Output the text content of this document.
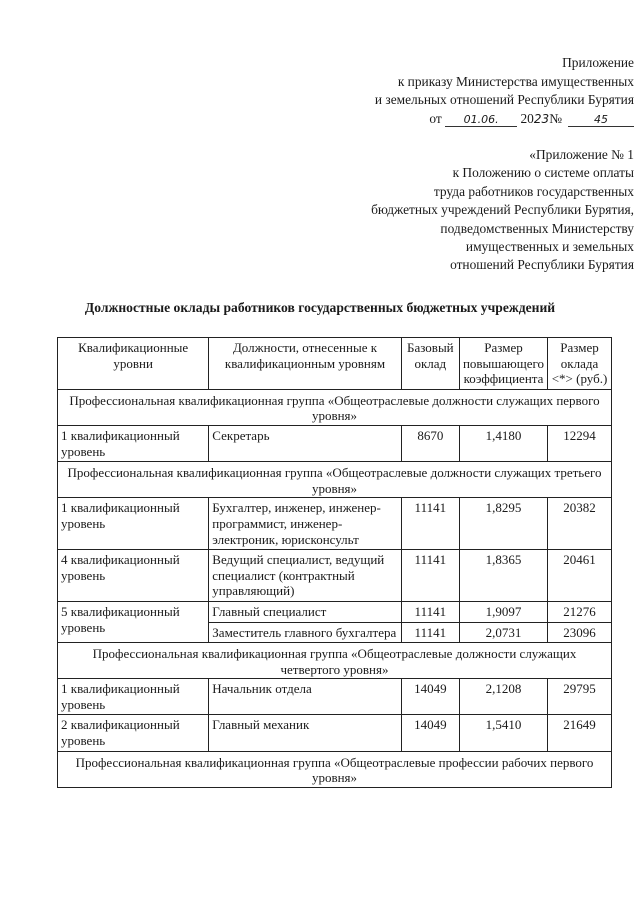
Приложение
к приказу Министерства имущественных
и земельных отношений Республики Бурятия
от 01.06. 2023 №	45
«Приложение № 1
к Положению о системе оплаты
труда работников государственных
бюджетных учреждений Республики Бурятия,
подведомственных Министерству
имущественных и земельных
отношений Республики Бурятия
Должностные оклады работников государственных бюджетных учреждений
Квалификационные уровни	Должности, отнесенные к квалификационным уровням	Базовый оклад	Размер повышающего коэффициента	Размер оклада <*> (руб.)
Профессиональная квалификационная группа «Общеотраслевые должности служащих первого уровня»				
1 квалификационный уровень	Секретарь	8670	1,4180	12294
Профессиональная квалификационная группа «Общеотраслевые должности служащих третьего уровня»				
1 квалификационный уровень	Бухгалтер, инженер, инженер-программист, инженер-электроник, юрисконсульт	11141	1,8295	20382
4 квалификационный уровень	Ведущий специалист, ведущий специалист (контрактный управляющий)	11141	1,8365	20461
5 квалификационный уровень	Главный специалист	11141	1,9097	21276
	Заместитель главного бухгалтера	11141	2,0731	23096
Профессиональная квалификационная группа «Общеотраслевые должности служащих четвертого уровня»				
1 квалификационный уровень	Начальник отдела	14049	2,1208	29795
2 квалификационный уровень	Главный механик	14049	1,5410	21649
Профессиональная квалификационная группа «Общеотраслевые профессии рабочих первого уровня»				
